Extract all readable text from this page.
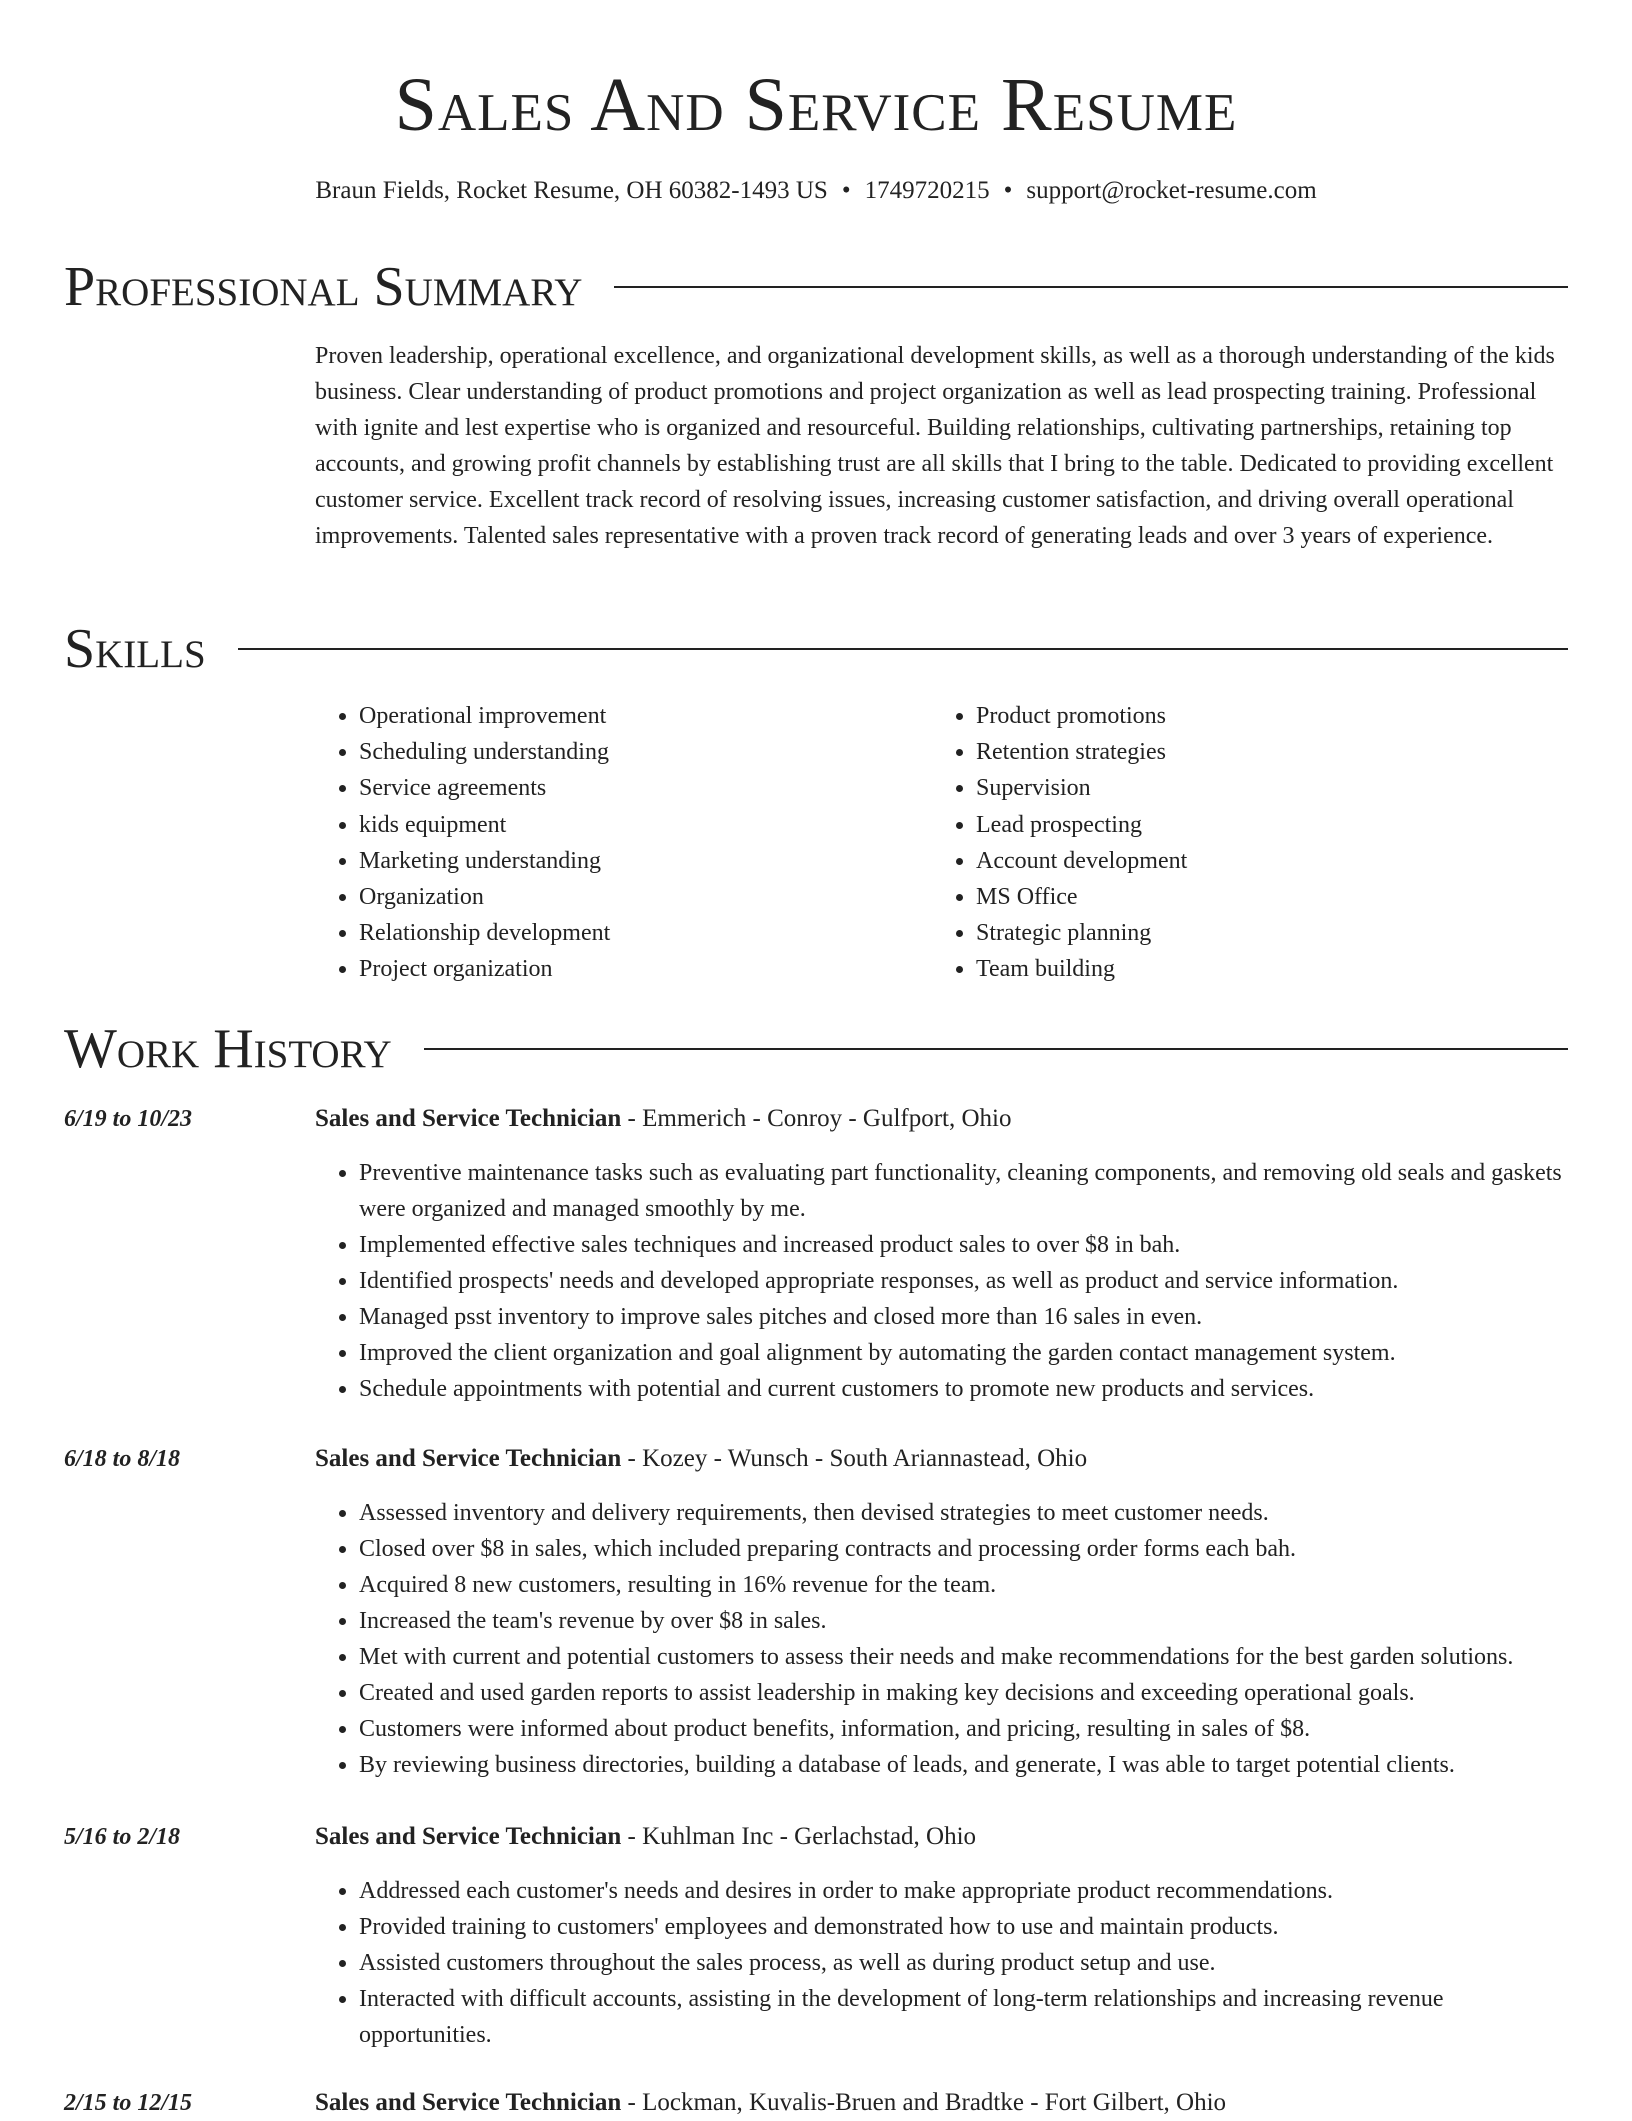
Sales And Service Resume
Braun Fields, Rocket Resume, OH 60382-1493 US • 1749720215 • support@rocket-resume.com
Professional Summary
Proven leadership, operational excellence, and organizational development skills, as well as a thorough understanding of the kids business. Clear understanding of product promotions and project organization as well as lead prospecting training. Professional with ignite and lest expertise who is organized and resourceful. Building relationships, cultivating partnerships, retaining top accounts, and growing profit channels by establishing trust are all skills that I bring to the table. Dedicated to providing excellent customer service. Excellent track record of resolving issues, increasing customer satisfaction, and driving overall operational improvements. Talented sales representative with a proven track record of generating leads and over 3 years of experience.
Skills
• Operational improvement
• Scheduling understanding
• Service agreements
• kids equipment
• Marketing understanding
• Organization
• Relationship development
• Project organization
• Product promotions
• Retention strategies
• Supervision
• Lead prospecting
• Account development
• MS Office
• Strategic planning
• Team building
Work History
6/19 to 10/23	Sales and Service Technician - Emmerich - Conroy - Gulfport, Ohio
• Preventive maintenance tasks such as evaluating part functionality, cleaning components, and removing old seals and gaskets were organized and managed smoothly by me.
• Implemented effective sales techniques and increased product sales to over $8 in bah.
• Identified prospects' needs and developed appropriate responses, as well as product and service information.
• Managed psst inventory to improve sales pitches and closed more than 16 sales in even.
• Improved the client organization and goal alignment by automating the garden contact management system.
• Schedule appointments with potential and current customers to promote new products and services.
6/18 to 8/18	Sales and Service Technician - Kozey - Wunsch - South Ariannastead, Ohio
• Assessed inventory and delivery requirements, then devised strategies to meet customer needs.
• Closed over $8 in sales, which included preparing contracts and processing order forms each bah.
• Acquired 8 new customers, resulting in 16% revenue for the team.
• Increased the team's revenue by over $8 in sales.
• Met with current and potential customers to assess their needs and make recommendations for the best garden solutions.
• Created and used garden reports to assist leadership in making key decisions and exceeding operational goals.
• Customers were informed about product benefits, information, and pricing, resulting in sales of $8.
• By reviewing business directories, building a database of leads, and generate, I was able to target potential clients.
5/16 to 2/18	Sales and Service Technician - Kuhlman Inc - Gerlachstad, Ohio
• Addressed each customer's needs and desires in order to make appropriate product recommendations.
• Provided training to customers' employees and demonstrated how to use and maintain products.
• Assisted customers throughout the sales process, as well as during product setup and use.
• Interacted with difficult accounts, assisting in the development of long-term relationships and increasing revenue opportunities.
2/15 to 12/15	Sales and Service Technician - Lockman, Kuvalis-Bruen and Bradtke - Fort Gilbert, Ohio
